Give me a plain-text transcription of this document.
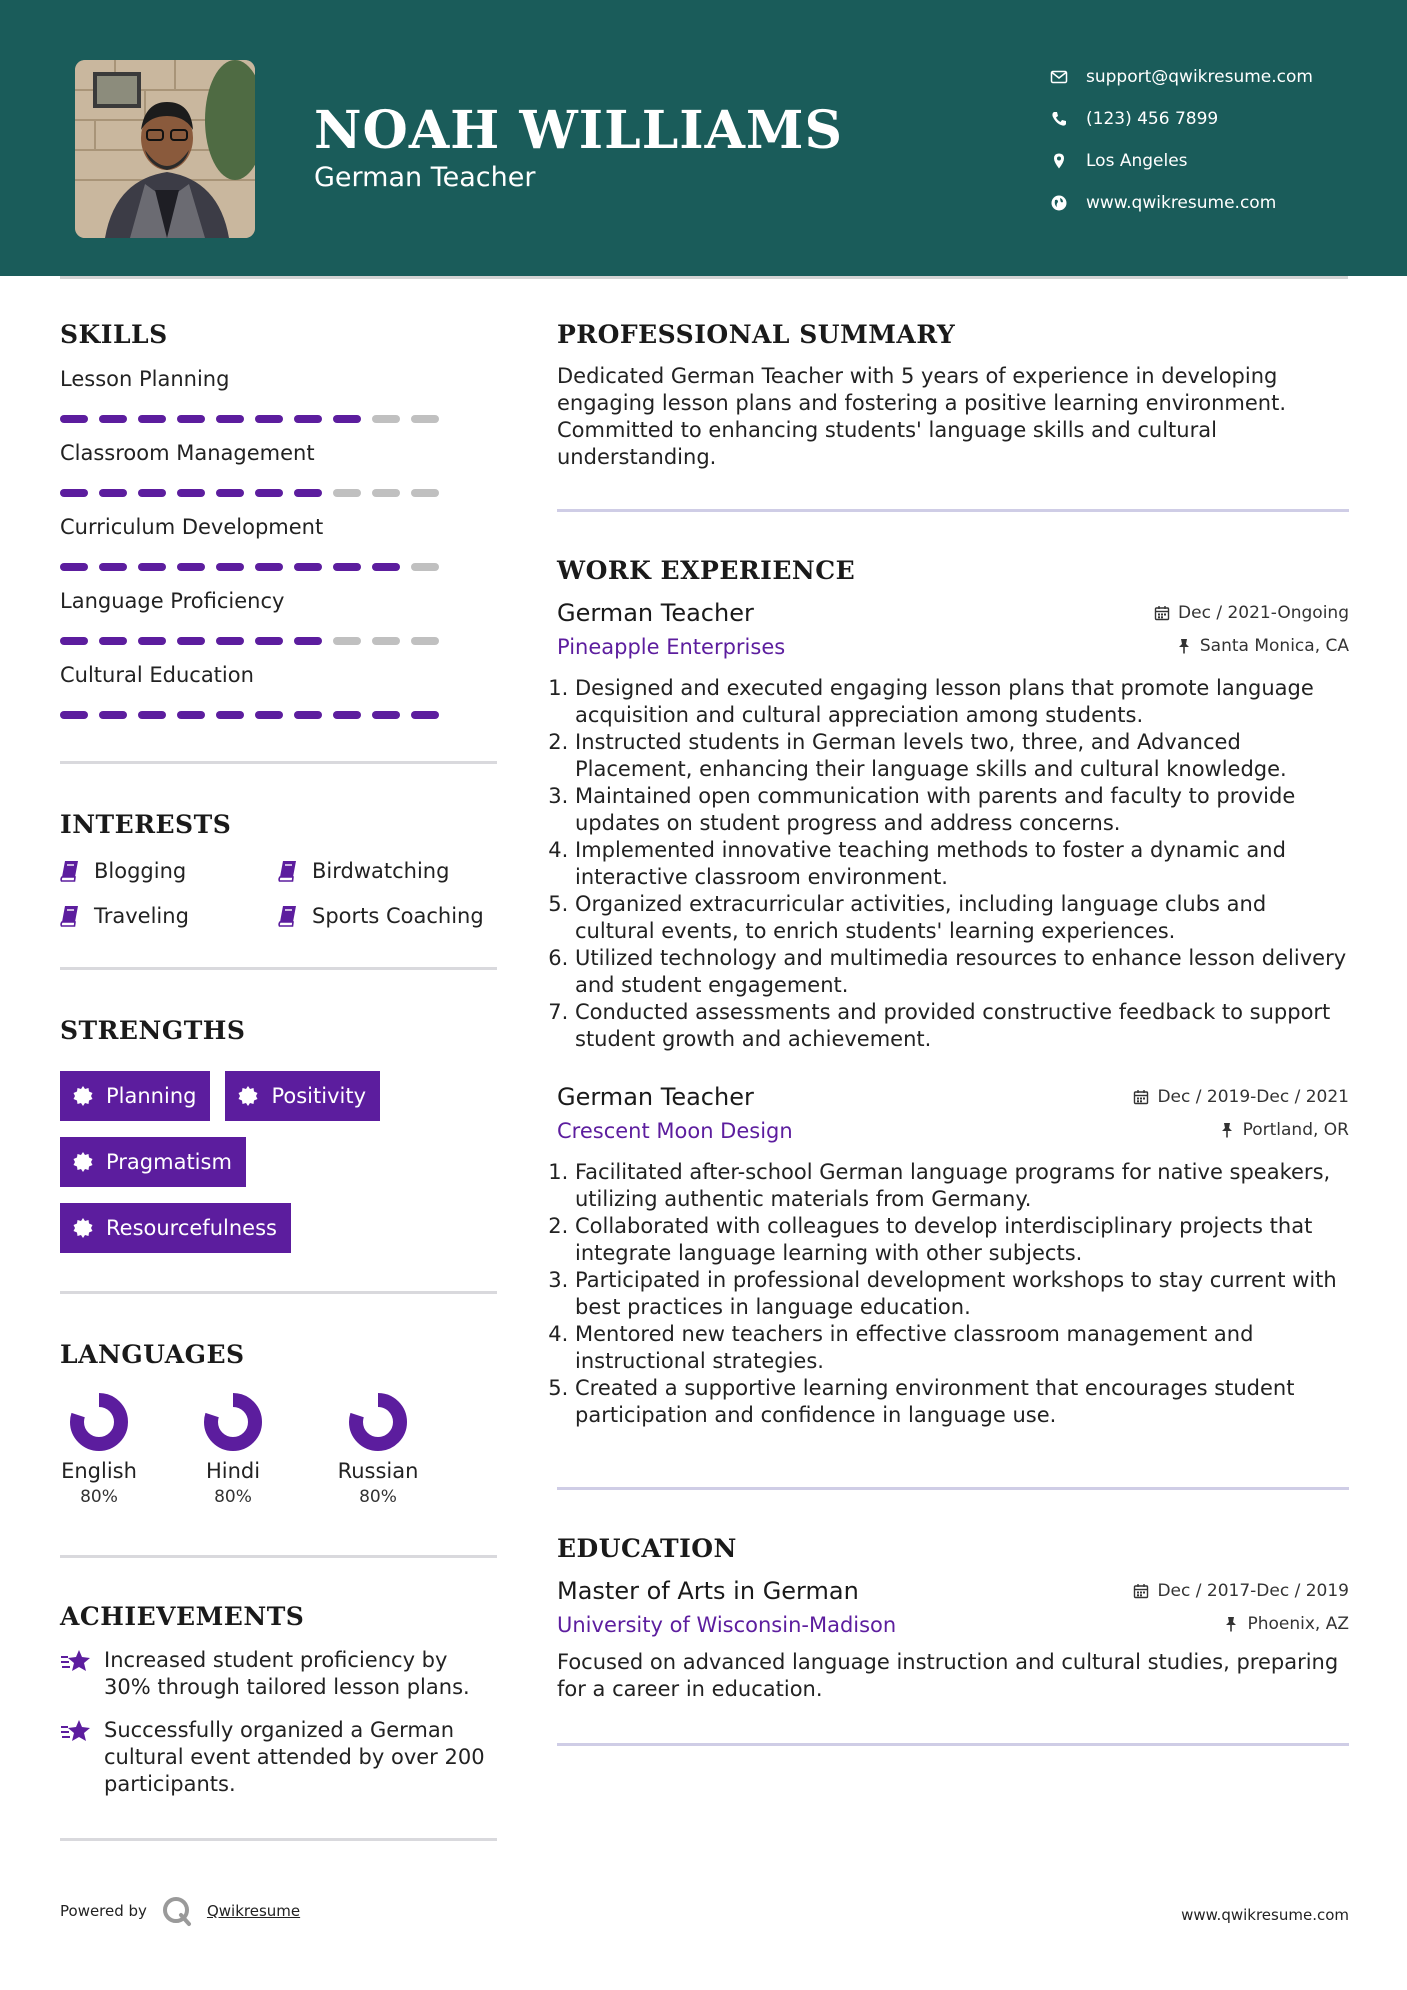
NOAH WILLIAMS
German Teacher
support@qwikresume.com
(123) 456 7899
Los Angeles
www.qwikresume.com
SKILLS
Lesson Planning
Classroom Management
Curriculum Development
Language Proficiency
Cultural Education
INTERESTS
Blogging	Birdwatching
Traveling	Sports Coaching
STRENGTHS
Planning	Positivity
Pragmatism
Resourcefulness
LANGUAGES
English
80%
Hindi
80%
Russian
80%
ACHIEVEMENTS
Increased student proficiency by 30% through tailored lesson plans.
Successfully organized a German cultural event attended by over 200 participants.
PROFESSIONAL SUMMARY
Dedicated German Teacher with 5 years of experience in developing engaging lesson plans and fostering a positive learning environment. Committed to enhancing students' language skills and cultural understanding.
WORK EXPERIENCE
German Teacher	Dec / 2021-Ongoing
Pineapple Enterprises	Santa Monica, CA
1. Designed and executed engaging lesson plans that promote language acquisition and cultural appreciation among students.
2. Instructed students in German levels two, three, and Advanced Placement, enhancing their language skills and cultural knowledge.
3. Maintained open communication with parents and faculty to provide updates on student progress and address concerns.
4. Implemented innovative teaching methods to foster a dynamic and interactive classroom environment.
5. Organized extracurricular activities, including language clubs and cultural events, to enrich students' learning experiences.
6. Utilized technology and multimedia resources to enhance lesson delivery and student engagement.
7. Conducted assessments and provided constructive feedback to support student growth and achievement.
German Teacher	Dec / 2019-Dec / 2021
Crescent Moon Design	Portland, OR
1. Facilitated after-school German language programs for native speakers, utilizing authentic materials from Germany.
2. Collaborated with colleagues to develop interdisciplinary projects that integrate language learning with other subjects.
3. Participated in professional development workshops to stay current with best practices in language education.
4. Mentored new teachers in effective classroom management and instructional strategies.
5. Created a supportive learning environment that encourages student participation and confidence in language use.
EDUCATION
Master of Arts in German	Dec / 2017-Dec / 2019
University of Wisconsin-Madison	Phoenix, AZ
Focused on advanced language instruction and cultural studies, preparing for a career in education.
Powered by	Qwikresume	www.qwikresume.com
